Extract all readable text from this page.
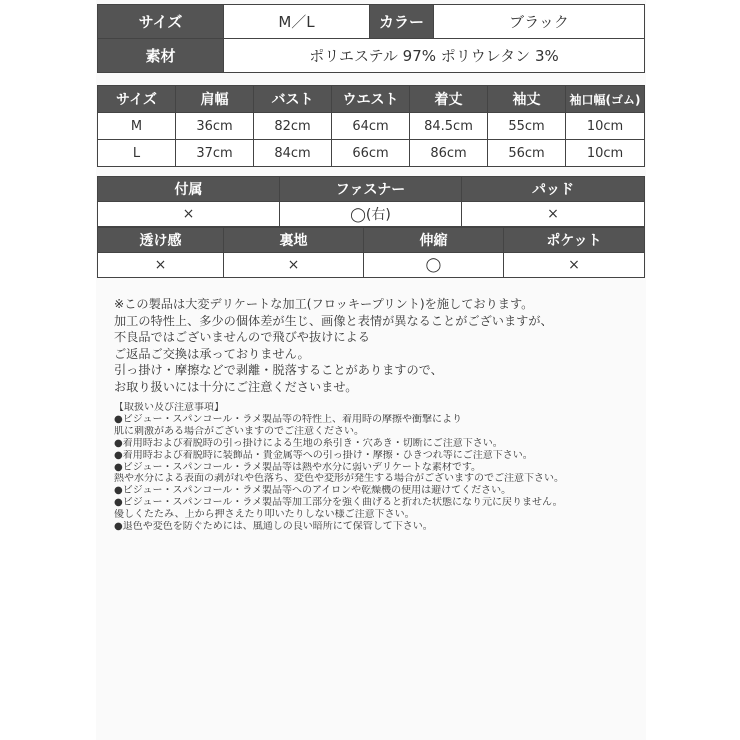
サイズ	M／L	カラー	ブラック
素材	ポリエステル 97% ポリウレタン 3%		
サイズ	肩幅	バスト	ウエスト	着丈	袖丈	袖口幅(ゴム)
M	36cm	82cm	64cm	84.5cm	55cm	10cm
L	37cm	84cm	66cm	86cm	56cm	10cm
付属	ファスナー	パッド
×	◯(右)	×
透け感	裏地	伸縮	ポケット
×	×	◯	×
※この製品は大変デリケートな加工(フロッキープリント)を施しております。
加工の特性上、多少の個体差が生じ、画像と表情が異なることがございますが、
不良品ではございませんので飛びや抜けによる
ご返品ご交換は承っておりません。
引っ掛け・摩擦などで剥離・脱落することがありますので、
お取り扱いには十分にご注意くださいませ。
【取扱い及び注意事項】
●ビジュー・スパンコール・ラメ製品等の特性上、着用時の摩擦や衝撃により
肌に刺激がある場合がございますのでご注意ください。
●着用時および着脱時の引っ掛けによる生地の糸引き・穴あき・切断にご注意下さい。
●着用時および着脱時に装飾品・貴金属等への引っ掛け・摩擦・ひきつれ等にご注意下さい。
●ビジュー・スパンコール・ラメ製品等は熱や水分に弱いデリケートな素材です。
熱や水分による表面の剥がれや色落ち、変色や変形が発生する場合がございますのでご注意下さい。
●ビジュー・スパンコール・ラメ製品等へのアイロンや乾燥機の使用は避けてください。
●ビジュー・スパンコール・ラメ製品等加工部分を強く曲げると折れた状態になり元に戻りません。
優しくたたみ、上から押さえたり叩いたりしない様ご注意下さい。
●退色や変色を防ぐためには、風通しの良い暗所にて保管して下さい。
